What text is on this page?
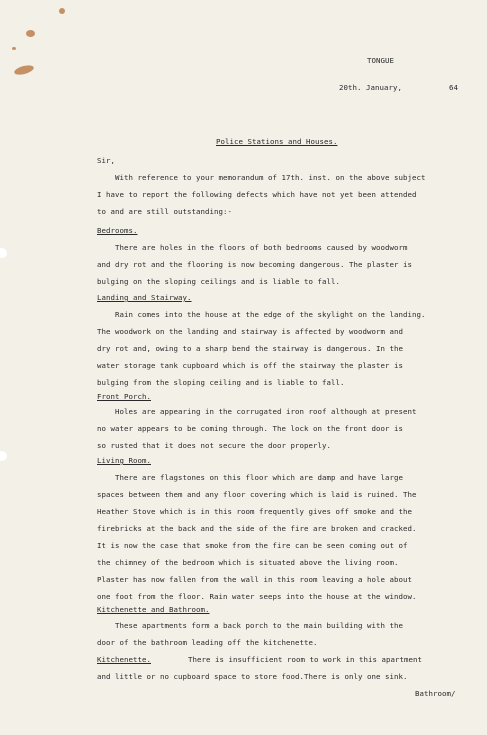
TONGUE
20th. January,	64
Police Stations and Houses.
Sir,
With reference to your memorandum of 17th. inst. on the above subject
I have to report the following defects which have not yet been attended
to and are still outstanding:-
Bedrooms.
There are holes in the floors of both bedrooms caused by woodworm
and dry rot and the flooring is now becoming dangerous. The plaster is
bulging on the sloping ceilings and is liable to fall.
Landing and Stairway.
Rain comes into the house at the edge of the skylight on the landing.
The woodwork on the landing and stairway is affected by woodworm and
dry rot and, owing to a sharp bend the stairway is dangerous. In the
water storage tank cupboard which is off the stairway the plaster is
bulging from the sloping ceiling and is liable to fall.
Front Porch.
Holes are appearing in the corrugated iron roof although at present
no water appears to be coming through. The lock on the front door is
so rusted that it does not secure the door properly.
Living Room.
There are flagstones on this floor which are damp and have large
spaces between them and any floor covering which is laid is ruined. The
Heather Stove which is in this room frequently gives off smoke and the
firebricks at the back and the side of the fire are broken and cracked.
It is now the case that smoke from the fire can be seen coming out of
the chimney of the bedroom which is situated above the living room.
Plaster has now fallen from the wall in this room leaving a hole about
one foot from the floor. Rain water seeps into the house at the window.
Kitchenette and Bathroom.
These apartments form a back porch to the main building with the
door of the bathroom leading off the kitchenette.
Kitchenette.	There is insufficient room to work in this apartment
and little or no cupboard space to store food.There is only one sink.
Bathroom/
